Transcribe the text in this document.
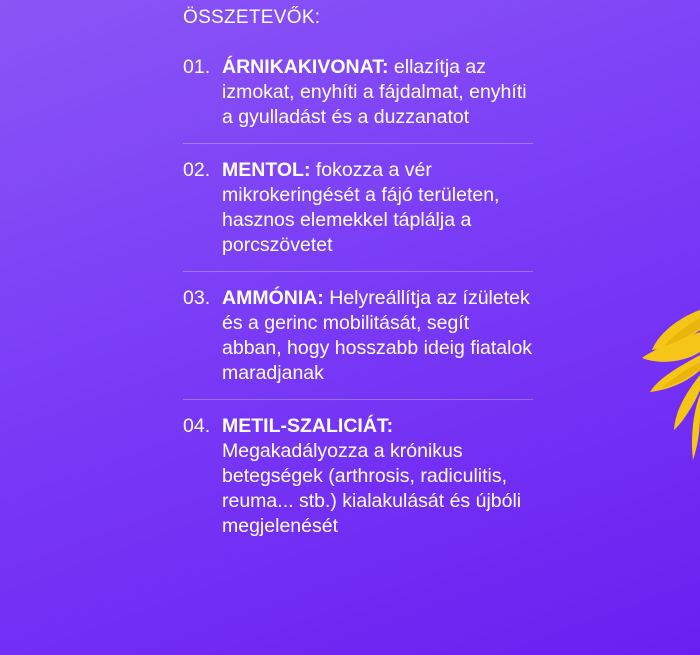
ÖSSZETEVŐK:
01. ÁRNIKAKIVONAT: ellazítja az izmokat, enyhíti a fájdalmat, enyhíti a gyulladást és a duzzanatot
02. MENTOL: fokozza a vér mikrokeringését a fájó területen, hasznos elemekkel táplálja a porcszövetet
03. AMMÓNIA: Helyreállítja az ízületek és a gerinc mobilitását, segít abban, hogy hosszabb ideig fiatalok maradjanak
04. METIL-SZALICIÁT: Megakadályozza a krónikus betegségek (arthrosis, radiculitis, reuma... stb.) kialakulását és újbóli megjelenését
